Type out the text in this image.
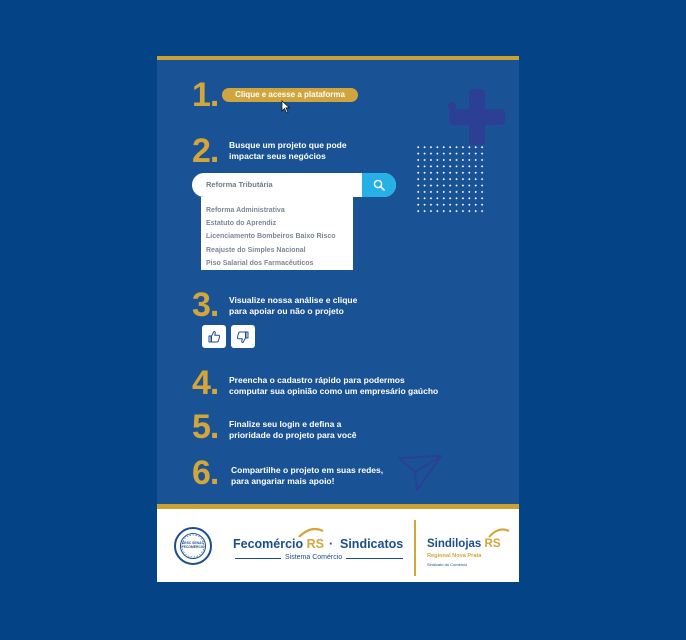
1.	Clique e acesse a plataforma
2. Busque um projeto que pode
impactar seus negócios
Reforma Tributária
Reforma Administrativa
Estatuto do Aprendiz
Licenciamento Bombeiros Baixo Risco
Reajuste do Simples Nacional
Piso Salarial dos Farmacêuticos
3. Visualize nossa análise e clique
para apoiar ou não o projeto
4. Preencha o cadastro rápido para podermos
computar sua opinião como um empresário gaúcho
5. Finalize seu login e defina a
prioridade do projeto para você
6. Compartilhe o projeto em suas redes,
para angariar mais apoio!
SESC SENAC FECOMÉRCIO	Fecomércio RS · Sindicatos
Sistema Comércio
Sindilojas RS
Regional Nova Prata
Sindicato do Comércio
